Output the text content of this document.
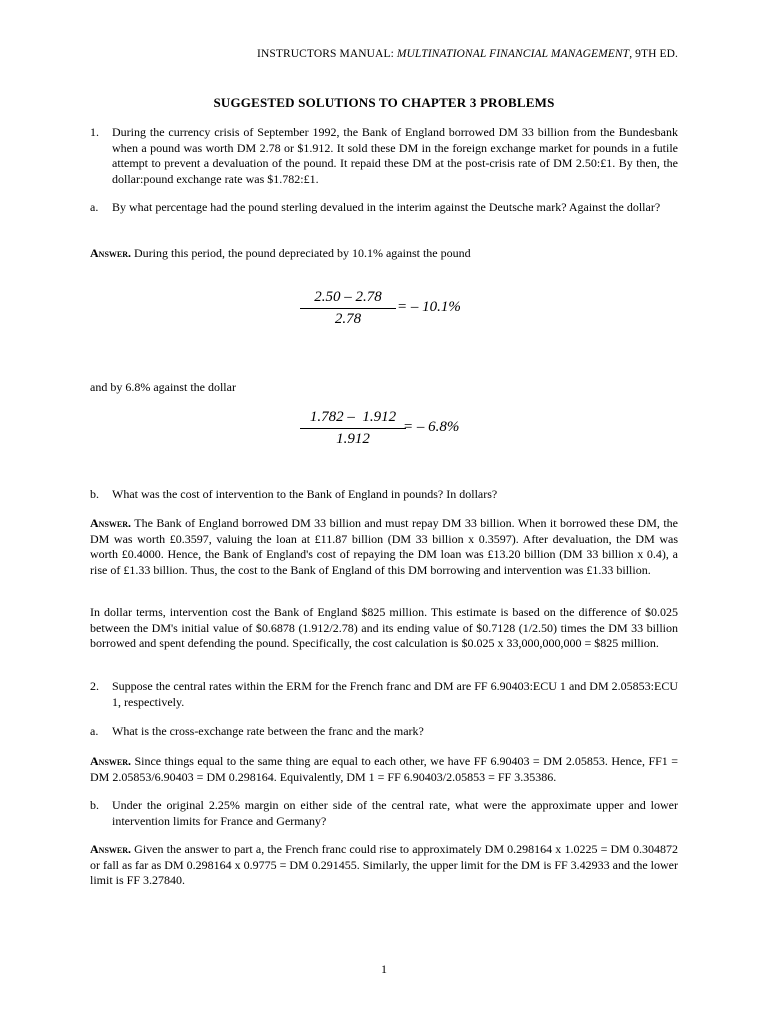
INSTRUCTORS MANUAL: MULTINATIONAL FINANCIAL MANAGEMENT, 9TH ED.
SUGGESTED SOLUTIONS TO CHAPTER 3 PROBLEMS
1.	During the currency crisis of September 1992, the Bank of England borrowed DM 33 billion from the Bundesbank when a pound was worth DM 2.78 or $1.912. It sold these DM in the foreign exchange market for pounds in a futile attempt to prevent a devaluation of the pound. It repaid these DM at the post-crisis rate of DM 2.50:£1. By then, the dollar:pound exchange rate was $1.782:£1.
a.	By what percentage had the pound sterling devalued in the interim against the Deutsche mark? Against the dollar?
Answer. During this period, the pound depreciated by 10.1% against the pound
2.50 – 2.78
2.78
= – 10.1%
and by 6.8% against the dollar
1.782 –  1.912
1.912
= – 6.8%
b.	What was the cost of intervention to the Bank of England in pounds? In dollars?
Answer. The Bank of England borrowed DM 33 billion and must repay DM 33 billion. When it borrowed these DM, the DM was worth £0.3597, valuing the loan at £11.87 billion (DM 33 billion x 0.3597). After devaluation, the DM was worth £0.4000. Hence, the Bank of England's cost of repaying the DM loan was £13.20 billion (DM 33 billion x 0.4), a rise of £1.33 billion. Thus, the cost to the Bank of England of this DM borrowing and intervention was £1.33 billion.
In dollar terms, intervention cost the Bank of England $825 million. This estimate is based on the difference of $0.025 between the DM's initial value of $0.6878 (1.912/2.78) and its ending value of $0.7128 (1/2.50) times the DM 33 billion borrowed and spent defending the pound. Specifically, the cost calculation is $0.025 x 33,000,000,000 = $825 million.
2.	Suppose the central rates within the ERM for the French franc and DM are FF 6.90403:ECU 1 and DM 2.05853:ECU 1, respectively.
a.	What is the cross-exchange rate between the franc and the mark?
Answer. Since things equal to the same thing are equal to each other, we have FF 6.90403 = DM 2.05853. Hence, FF1 = DM 2.05853/6.90403 = DM 0.298164. Equivalently, DM 1 = FF 6.90403/2.05853 = FF 3.35386.
b.	Under the original 2.25% margin on either side of the central rate, what were the approximate upper and lower intervention limits for France and Germany?
Answer. Given the answer to part a, the French franc could rise to approximately DM 0.298164 x 1.0225 = DM 0.304872 or fall as far as DM 0.298164 x 0.9775 = DM 0.291455. Similarly, the upper limit for the DM is FF 3.42933 and the lower limit is FF 3.27840.
1
